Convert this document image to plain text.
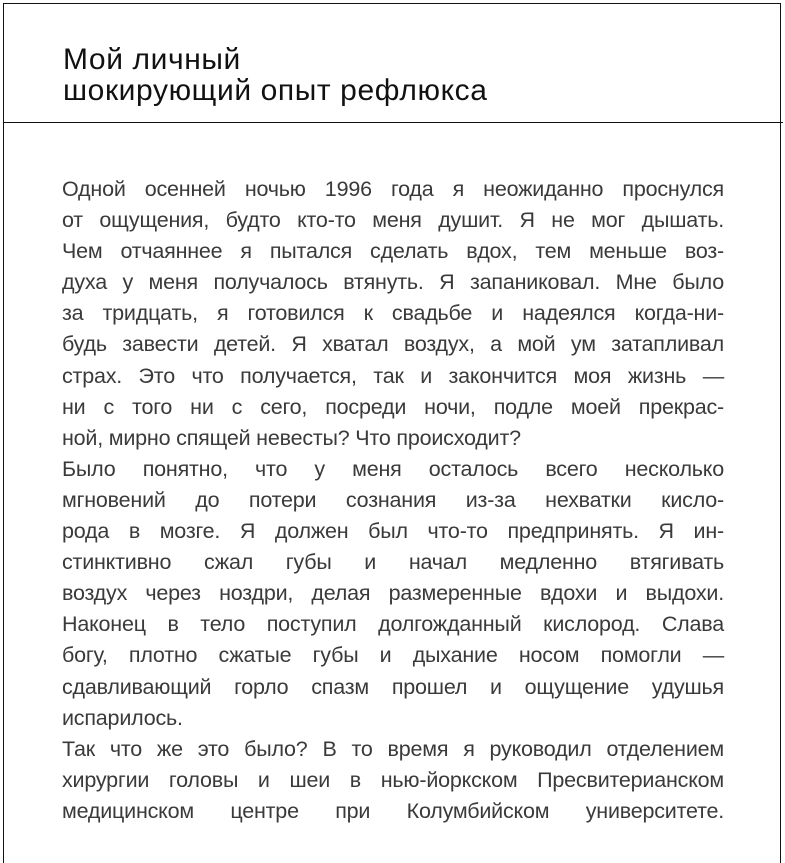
Мой личный
шокирующий опыт рефлюкса
Одной осенней ночью 1996 года я неожиданно проснулся
от ощущения, будто кто-то меня душит. Я не мог дышать.
Чем отчаяннее я пытался сделать вдох, тем меньше воз-
духа у меня получалось втянуть. Я запаниковал. Мне было
за тридцать, я готовился к свадьбе и надеялся когда-ни-
будь завести детей. Я хватал воздух, а мой ум затапливал
страх. Это что получается, так и закончится моя жизнь —
ни с того ни с сего, посреди ночи, подле моей прекрас-
ной, мирно спящей невесты? Что происходит?
Было понятно, что у меня осталось всего несколько
мгновений до потери сознания из-за нехватки кисло-
рода в мозге. Я должен был что-то предпринять. Я ин-
стинктивно сжал губы и начал медленно втягивать
воздух через ноздри, делая размеренные вдохи и выдохи.
Наконец в тело поступил долгожданный кислород. Слава
богу, плотно сжатые губы и дыхание носом помогли —
сдавливающий горло спазм прошел и ощущение удушья
испарилось.
Так что же это было? В то время я руководил отделением
хирургии головы и шеи в нью-йоркском Пресвитерианском
медицинском центре при Колумбийском университете.
